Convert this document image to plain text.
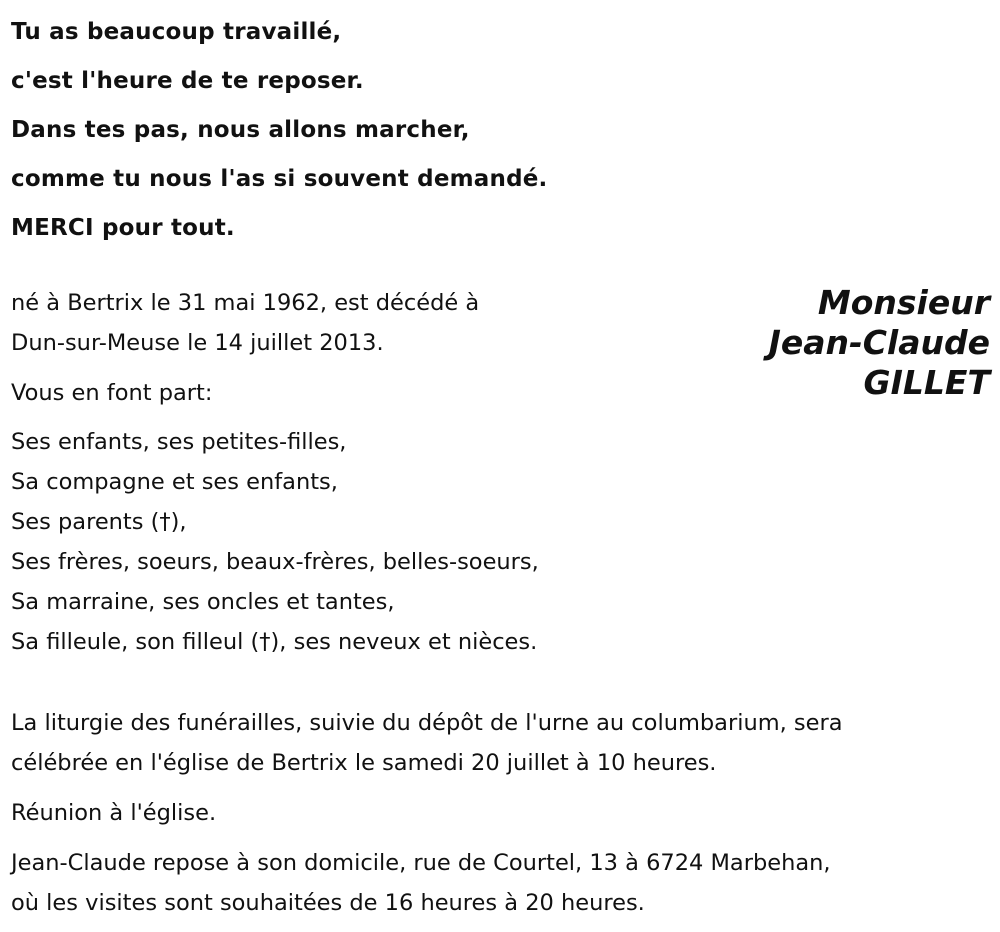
Tu as beaucoup travaillé,
c'est l'heure de te reposer.
Dans tes pas, nous allons marcher,
comme tu nous l'as si souvent demandé.
MERCI pour tout.
Monsieur
Jean-Claude
GILLET
né à Bertrix le 31 mai 1962, est décédé à
Dun-sur-Meuse le 14 juillet 2013.
Vous en font part:
Ses enfants, ses petites-filles,
Sa compagne et ses enfants,
Ses parents (†),
Ses frères, soeurs, beaux-frères, belles-soeurs,
Sa marraine, ses oncles et tantes,
Sa filleule, son filleul (†), ses neveux et nièces.
La liturgie des funérailles, suivie du dépôt de l'urne au columbarium, sera
célébrée en l'église de Bertrix le samedi 20 juillet à 10 heures.
Réunion à l'église.
Jean-Claude repose à son domicile, rue de Courtel, 13 à 6724 Marbehan,
où les visites sont souhaitées de 16 heures à 20 heures.
